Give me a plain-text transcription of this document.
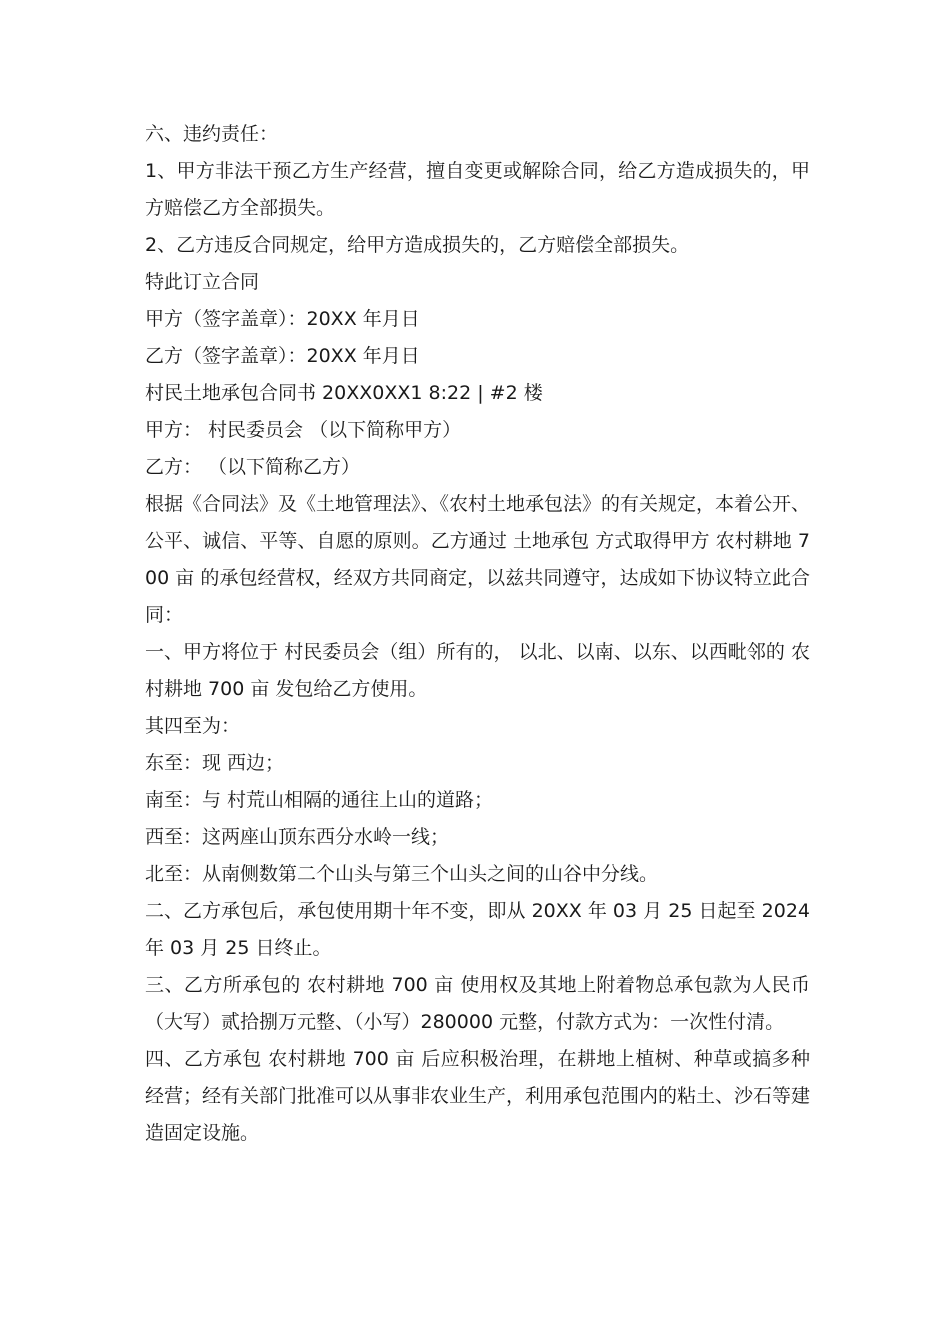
六、违约责任：

1、甲方非法干预乙方生产经营，擅自变更或解除合同，给乙方造成损失的，甲方赔偿乙方全部损失。

2、乙方违反合同规定，给甲方造成损失的，乙方赔偿全部损失。

特此订立合同

甲方（签字盖章）：20XX 年月日

乙方（签字盖章）：20XX 年月日

村民土地承包合同书 20XX0XX1 8:22 | #2 楼

甲方： 村民委员会 （以下简称甲方）

乙方： （以下简称乙方）

根据《合同法》及《土地管理法》、《农村土地承包法》的有关规定，本着公开、公平、诚信、平等、自愿的原则。乙方通过 土地承包 方式取得甲方 农村耕地 700 亩 的承包经营权，经双方共同商定，以兹共同遵守，达成如下协议特立此合同：

一、甲方将位于 村民委员会（组）所有的， 以北、以南、以东、以西毗邻的 农村耕地 700 亩 发包给乙方使用。

其四至为：

东至：现 西边；

南至：与 村荒山相隔的通往上山的道路；

西至：这两座山顶东西分水岭一线；

北至：从南侧数第二个山头与第三个山头之间的山谷中分线。

二、乙方承包后，承包使用期十年不变，即从 20XX 年 03 月 25 日起至 2024 年 03 月 25 日终止。

三、乙方所承包的 农村耕地 700 亩 使用权及其地上附着物总承包款为人民币（大写）贰拾捌万元整、（小写）280000 元整，付款方式为：一次性付清。

四、乙方承包 农村耕地 700 亩 后应积极治理，在耕地上植树、种草或搞多种经营；经有关部门批准可以从事非农业生产，利用承包范围内的粘土、沙石等建造固定设施。
